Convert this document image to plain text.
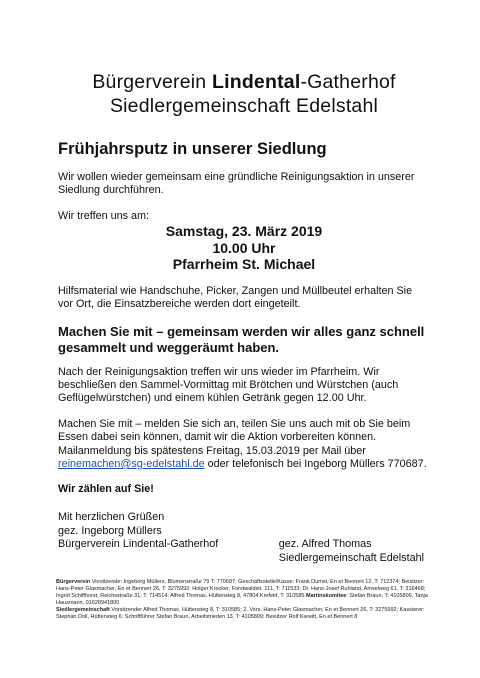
Bürgerverein Lindental-Gatherhof
Siedlergemeinschaft Edelstahl
Frühjahrsputz in unserer Siedlung

Wir wollen wieder gemeinsam eine gründliche Reinigungsaktion in unserer Siedlung durchführen.

Wir treffen uns am:

Samstag, 23. März 2019
10.00 Uhr
Pfarrheim St. Michael

Hilfsmaterial wie Handschuhe, Picker, Zangen und Müllbeutel erhalten Sie vor Ort, die Einsatzbereiche werden dort eingeteilt.

Machen Sie mit – gemeinsam werden wir alles ganz schnell gesammelt und weggeräumt haben.

Nach der Reinigungsaktion treffen wir uns wieder im Pfarrheim. Wir beschließen den Sammel-Vormittag mit Brötchen und Würstchen (auch Geflügelwürstchen) und einem kühlen Getränk gegen 12.00 Uhr.

Machen Sie mit – melden Sie sich an, teilen Sie uns auch mit ob Sie beim Essen dabei sein können, damit wir die Aktion vorbereiten können. Mailanmeldung bis spätestens Freitag, 15.03.2019 per Mail über reinemachen@sg-edelstahl.de oder telefonisch bei Ingeborg Müllers 770687.

Wir zählen auf Sie!

Mit herzlichen Grüßen

gez. Ingeborg Müllers
Bürgerverein Lindental-Gatherhof	gez. Alfred Thomas
Siedlergemeinschaft Edelstahl
Bürgerverein Vorsitzende: Ingeborg Müllers, Blumenstraße 79 T: 770687; Geschäftsstelle/Kasse: Frank Dumst, En et Bennert 12, T: 712374; Beisitzer: Hans-Peter Glasmacher, En et Bennert 26, T: 3275992; Holger Krocker, Forstwaldstr. 111, T: 711533; Dr. Hans-Josef Ruhland, Amselweg 61, T: 316468; Ingrid Schiffhorst, Reichsstraße 31, T: 714514; Alfred Thomas, Hüttensteg 8, 47804 Krefeld, T: 310585 Martinskomitee: Stefan Braun, T: 4105809, Tanja Hausmann, 01628941800
Siedlergemeinschaft Vorsitzender Alfred Thomas, Hüttensteg 8, T: 310585; 2. Vors. Hans-Peter Glasmacher, En et Bennert 26, T: 3275992; Kassierer: Stephan Doll, Hüttensteg 6; Schriftführer Stefan Braun, Arbeitstrieden 13, T: 4105809; Beisitzer Rolf Kiewitt, En et Bennert 8
